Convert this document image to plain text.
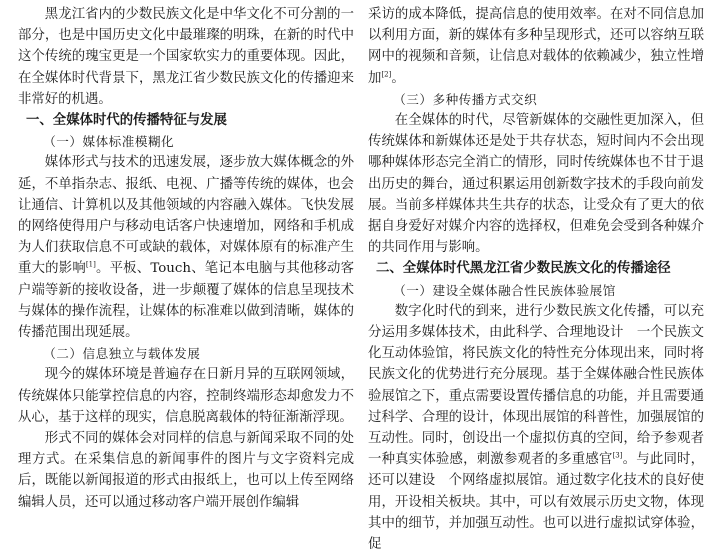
黑龙江省内的少数民族文化是中华文化不可分割的一部分，也是中国历史文化中最璀璨的明珠，在新的时代中这个传统的瑰宝更是一个国家软实力的重要体现。因此，在全媒体时代背景下，黑龙江省少数民族文化的传播迎来非常好的机遇。

一、全媒体时代的传播特征与发展
（一）媒体标准模糊化

媒体形式与技术的迅速发展，逐步放大媒体概念的外延，不单指杂志、报纸、电视、广播等传统的媒体，也会让通信、计算机以及其他领域的内容融入媒体。飞快发展的网络使得用户与移动电话客户快速增加，网络和手机成为人们获取信息不可或缺的载体，对媒体原有的标准产生重大的影响[1]。平板、Touch、笔记本电脑与其他移动客户端等新的接收设备，进一步颠覆了媒体的信息呈现技术与媒体的操作流程，让媒体的标准难以做到清晰，媒体的传播范围出现延展。

（二）信息独立与载体发展

现今的媒体环境是普遍存在日新月异的互联网领域，传统媒体只能掌控信息的内容，控制终端形态却愈发力不从心，基于这样的现实，信息脱离载体的特征渐渐浮现。

形式不同的媒体会对同样的信息与新闻采取不同的处理方式。在采集信息的新闻事件的图片与文字资料完成后，既能以新闻报道的形式由报纸上，也可以上传至网络编辑人员，还可以通过移动客户端开展创作编辑

采访的成本降低，提高信息的使用效率。在对不同信息加以利用方面，新的媒体有多种呈现形式，还可以容纳互联网中的视频和音频，让信息对载体的依赖减少，独立性增加[2]。

（三）多种传播方式交织

在全媒体的时代，尽管新媒体的交融性更加深入，但传统媒体和新媒体还是处于共存状态，短时间内不会出现哪种媒体形态完全消亡的情形，同时传统媒体也不甘于退出历史的舞台，通过积累运用创新数字技术的手段向前发展。当前多样媒体共生共存的状态，让受众有了更大的依据自身爱好对媒介内容的选择权，但难免会受到各种媒介的共同作用与影响。

二、全媒体时代黑龙江省少数民族文化的传播途径
（一）建设全媒体融合性民族体验展馆

数字化时代的到来，进行少数民族文化传播，可以充分运用多媒体技术，由此科学、合理地设计　一个民族文化互动体验馆，将民族文化的特性充分体现出来，同时将民族文化的优势进行充分展现。基于全媒体融合性民族体验展馆之下，重点需要设置传播信息的功能，并且需要通过科学、合理的设计，体现出展馆的科普性，加强展馆的互动性。同时，创设出一个虚拟仿真的空间，给予参观者一种真实体验感，刺激参观者的多重感官[3]。与此同时，还可以建设　个网络虚拟展馆。通过数字化技术的良好使用，开设相关板块。其中，可以有效展示历史文物，体现其中的细节，并加强互动性。也可以进行虚拟试穿体验，促
